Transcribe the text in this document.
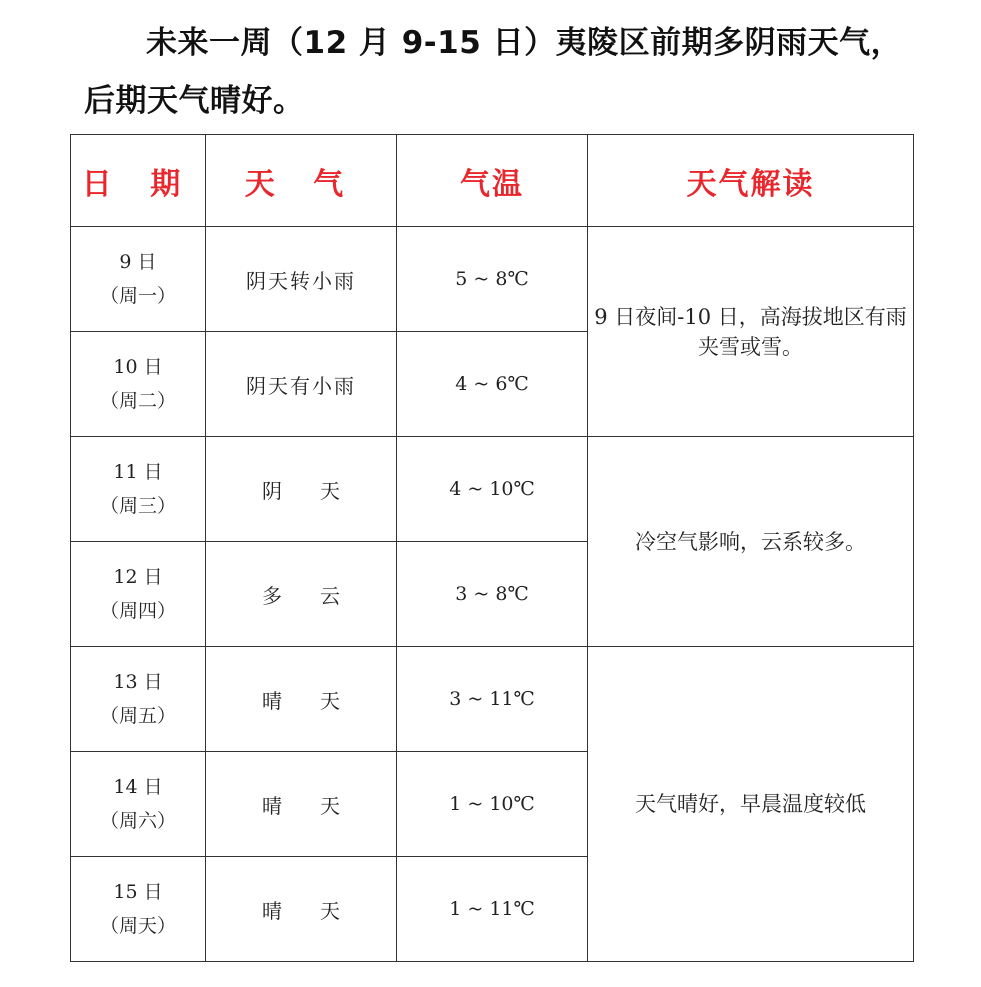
未来一周（12 月 9-15 日）夷陵区前期多阴雨天气，后期天气晴好。

日 期	天 气	气温	天气解读

9 日
（周一）	阴天转小雨	5 ~ 8℃	9 日夜间-10 日，高海拔地区有雨夹雪或雪。

10 日
（周二）	阴天有小雨	4 ~ 6℃	

11 日
（周三）	阴天	4 ~ 10℃	冷空气影响，云系较多。

12 日
（周四）	多云	3 ~ 8℃	

13 日
（周五）	晴天	3 ~ 11℃	天气晴好，早晨温度较低

14 日
（周六）	晴天	1 ~ 10℃	

15 日
（周天）	晴天	1 ~ 11℃	
